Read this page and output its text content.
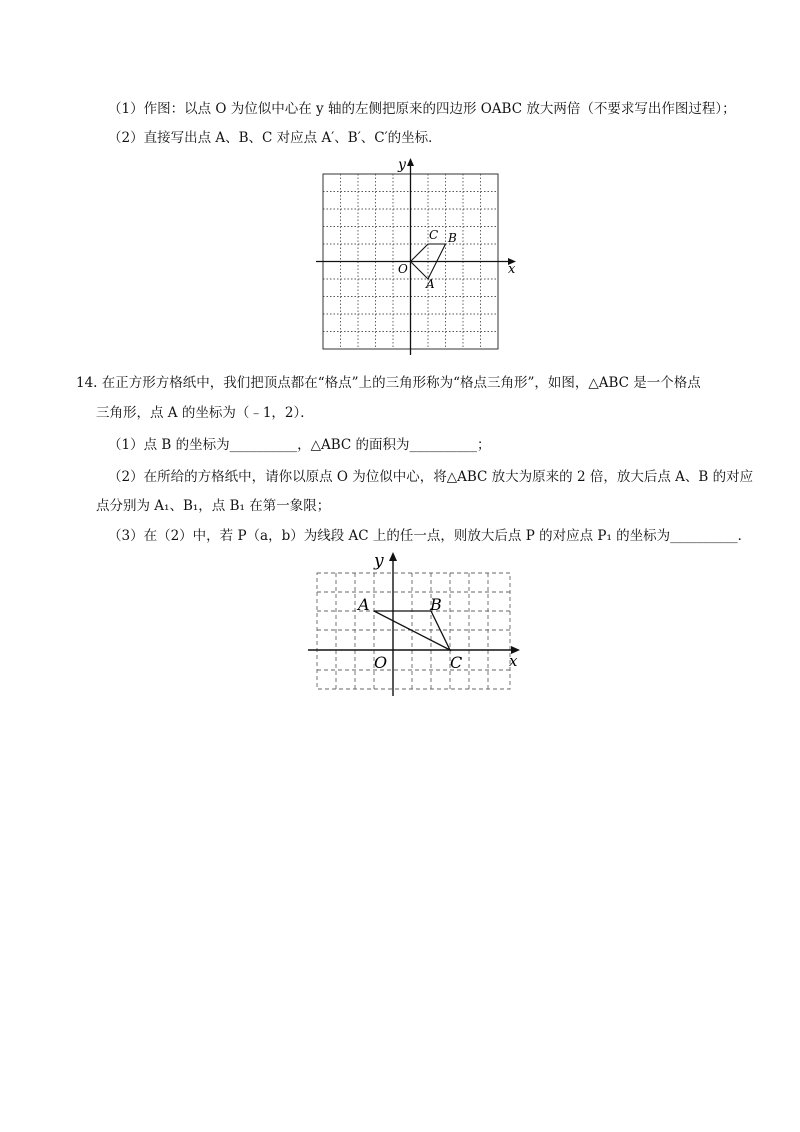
（1）作图：以点 O 为位似中心在 y 轴的左侧把原来的四边形 OABC 放大两倍（不要求写出作图过程）；
（2）直接写出点 A、B、C 对应点 A′、B′、C′的坐标．
x
y
O
A
B
C
14. 在正方形方格纸中，我们把顶点都在“格点”上的三角形称为“格点三角形”，如图，△ABC 是一个格点
三角形，点 A 的坐标为（﹣1，2）．
（1）点 B 的坐标为__________，△ABC 的面积为__________；
（2）在所给的方格纸中，请你以原点 O 为位似中心，将△ABC 放大为原来的 2 倍，放大后点 A、B 的对应
点分别为 A₁、B₁，点 B₁ 在第一象限；
（3）在（2）中，若 P（a，b）为线段 AC 上的任一点，则放大后点 P 的对应点 P₁ 的坐标为__________．
x
y
O
A	B
C
